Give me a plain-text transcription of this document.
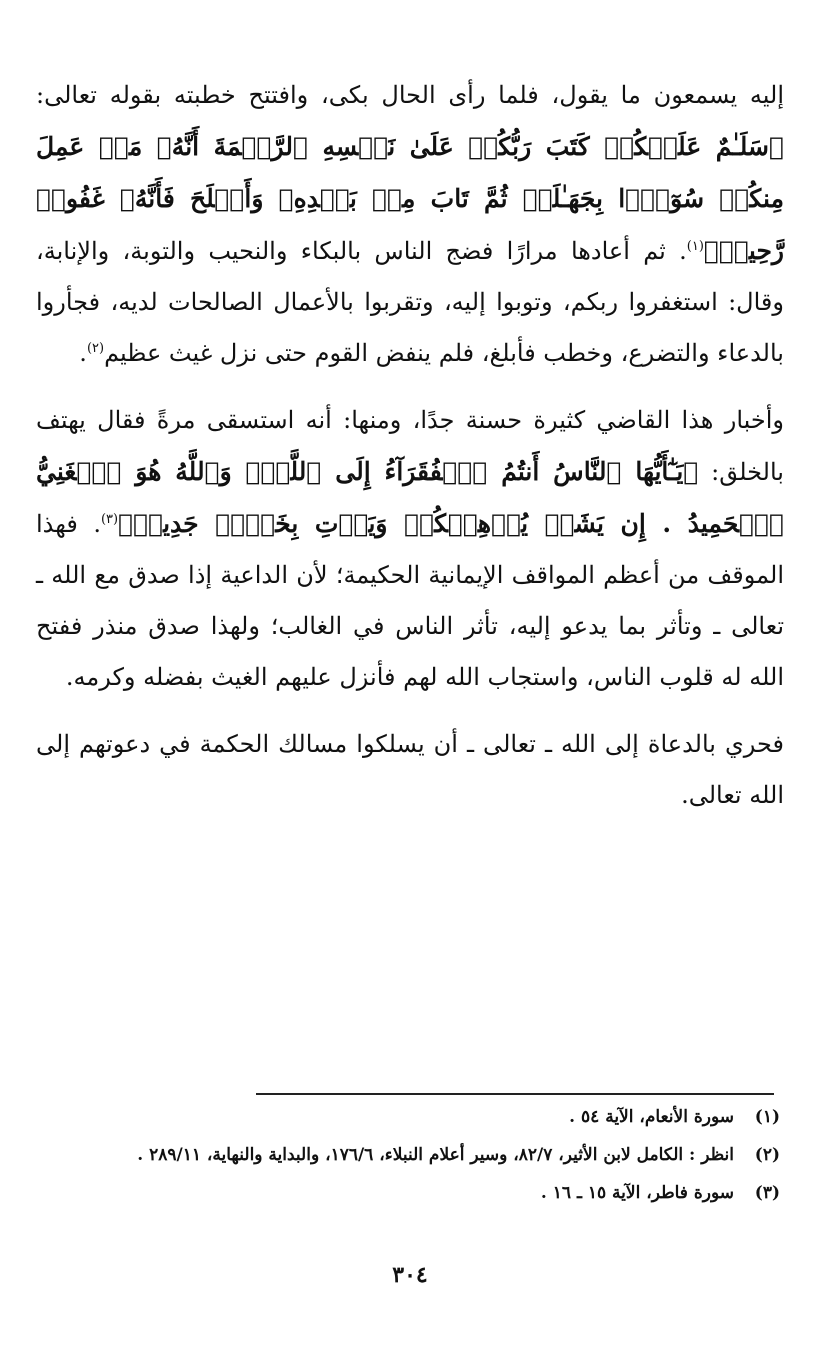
إليه يسمعون ما يقول، فلما رأى الحال بكى، وافتتح خطبته بقوله تعالى: ﴿سَلَـٰمٌ عَلَيۡكُمۡ كَتَبَ رَبُّكُمۡ عَلَىٰ نَفۡسِهِ ٱلرَّحۡمَةَ أَنَّهُۥ مَنۡ عَمِلَ مِنكُمۡ سُوٓءَۢا بِجَهَـٰلَةٖ ثُمَّ تَابَ مِنۢ بَعۡدِهِۦ وَأَصۡلَحَ فَأَنَّهُۥ غَفُورٞ رَّحِيمٞ﴾$^{(١)}$. ثم أعادها مرارًا فضج الناس بالبكاء والنحيب والتوبة، والإنابة، وقال: استغفروا ربكم، وتوبوا إليه، وتقربوا بالأعمال الصالحات لديه، فجأروا بالدعاء والتضرع، وخطب فأبلغ، فلم ينفض القوم حتى نزل غيث عظيم$^{(٢)}$.

وأخبار هذا القاضي كثيرة حسنة جدًا، ومنها: أنه استسقى مرةً فقال يهتف بالخلق: ﴿يَـٰٓأَيُّهَا ٱلنَّاسُ أَنتُمُ ٱلۡفُقَرَآءُ إِلَى ٱللَّهِۖ وَٱللَّهُ هُوَ ٱلۡغَنِيُّ ٱلۡحَمِيدُ . إِن يَشَأۡ يُذۡهِبۡكُمۡ وَيَأۡتِ بِخَلۡقٖ جَدِيدٖ﴾$^{(٣)}$. فهذا الموقف من أعظم المواقف الإيمانية الحكيمة؛ لأن الداعية إذا صدق مع الله ـ تعالى ـ وتأثر بما يدعو إليه، تأثر الناس في الغالب؛ ولهذا صدق منذر ففتح الله له قلوب الناس، واستجاب الله لهم فأنزل عليهم الغيث بفضله وكرمه.

فحري بالدعاة إلى الله ـ تعالى ـ أن يسلكوا مسالك الحكمة في دعوتهم إلى الله تعالى.

(١)
سورة الأنعام، الآية ٥٤ .
(٢)
انظر : الكامل لابن الأثير، ٨٢/٧، وسير أعلام النبلاء، ١٧٦/٦، والبداية والنهاية، ٢٨٩/١١ .
(٣)
سورة فاطر، الآية ١٥ ـ ١٦ .
٣٠٤
